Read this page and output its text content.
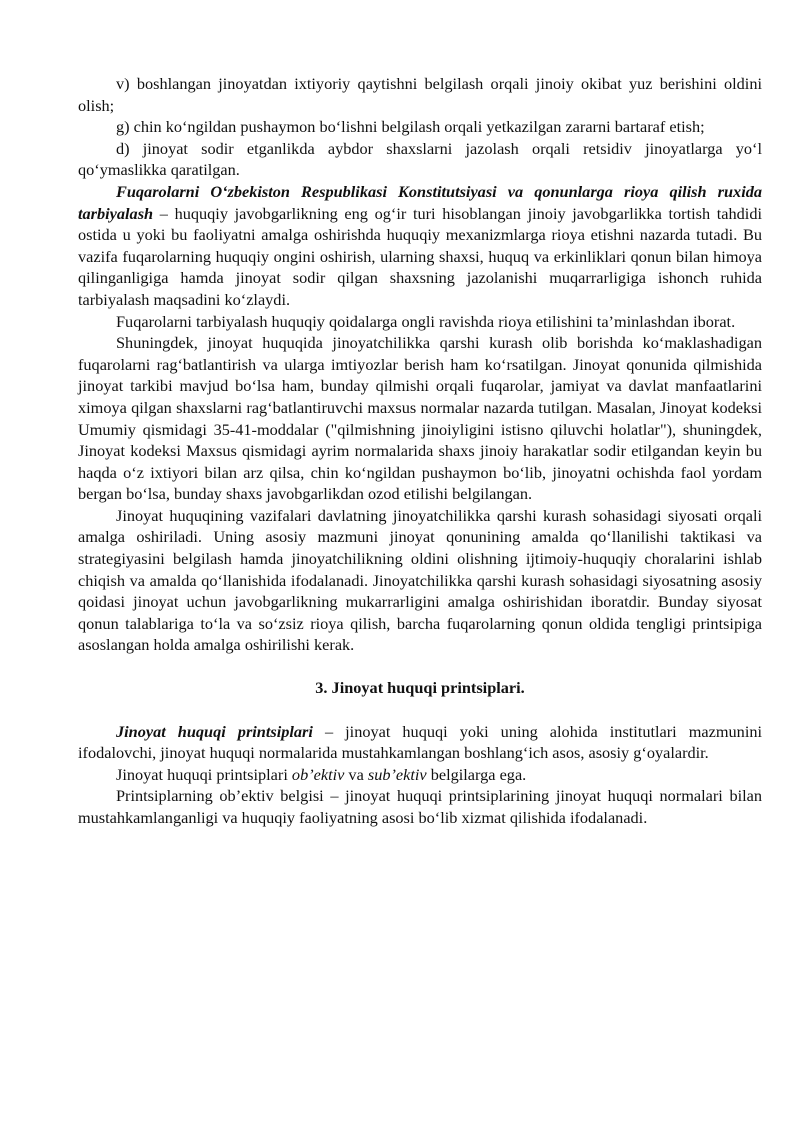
v) boshlangan jinoyatdan ixtiyoriy qaytishni belgilash orqali jinoiy okibat yuz berishini oldini olish;

g) chin ko‘ngildan pushaymon bo‘lishni belgilash orqali yetkazilgan zararni bartaraf etish;

d) jinoyat sodir etganlikda aybdor shaxslarni jazolash orqali retsidiv jinoyatlarga yo‘l qo‘ymaslikka qaratilgan.

Fuqarolarni O‘zbekiston Respublikasi Konstitutsiyasi va qonunlarga rioya qilish ruxida tarbiyalash – huquqiy javobgarlikning eng og‘ir turi hisoblangan jinoiy javobgarlikka tortish tahdidi ostida u yoki bu faoliyatni amalga oshirishda huquqiy mexanizmlarga rioya etishni nazarda tutadi. Bu vazifa fuqarolarning huquqiy ongini oshirish, ularning shaxsi, huquq va erkinliklari qonun bilan himoya qilinganligiga hamda jinoyat sodir qilgan shaxsning jazolanishi muqarrarligiga ishonch ruhida tarbiyalash maqsadini ko‘zlaydi.

Fuqarolarni tarbiyalash huquqiy qoidalarga ongli ravishda rioya etilishini ta’minlashdan iborat.

Shuningdek, jinoyat huquqida jinoyatchilikka qarshi kurash olib borishda ko‘maklashadigan fuqarolarni rag‘batlantirish va ularga imtiyozlar berish ham ko‘rsatilgan. Jinoyat qonunida qilmishida jinoyat tarkibi mavjud bo‘lsa ham, bunday qilmishi orqali fuqarolar, jamiyat va davlat manfaatlarini ximoya qilgan shaxslarni rag‘batlantiruvchi maxsus normalar nazarda tutilgan. Masalan, Jinoyat kodeksi Umumiy qismidagi 35-41-moddalar ("qilmishning jinoiyligini istisno qiluvchi holatlar"), shuningdek, Jinoyat kodeksi Maxsus qismidagi ayrim normalarida shaxs jinoiy harakatlar sodir etilgandan keyin bu haqda o‘z ixtiyori bilan arz qilsa, chin ko‘ngildan pushaymon bo‘lib, jinoyatni ochishda faol yordam bergan bo‘lsa, bunday shaxs javobgarlikdan ozod etilishi belgilangan.

Jinoyat huquqining vazifalari davlatning jinoyatchilikka qarshi kurash sohasidagi siyosati orqali amalga oshiriladi. Uning asosiy mazmuni jinoyat qonunining amalda qo‘llanilishi taktikasi va strategiyasini belgilash hamda jinoyatchilikning oldini olishning ijtimoiy-huquqiy choralarini ishlab chiqish va amalda qo‘llanishida ifodalanadi. Jinoyatchilikka qarshi kurash sohasidagi siyosatning asosiy qoidasi jinoyat uchun javobgarlikning mukarrarligini amalga oshirishidan iboratdir. Bunday siyosat qonun talablariga to‘la va so‘zsiz rioya qilish, barcha fuqarolarning qonun oldida tengligi printsipiga asoslangan holda amalga oshirilishi kerak.

3. Jinoyat huquqi printsiplari.

Jinoyat huquqi printsiplari – jinoyat huquqi yoki uning alohida institutlari mazmunini ifodalovchi, jinoyat huquqi normalarida mustahkamlangan boshlang‘ich asos, asosiy g‘oyalardir.

Jinoyat huquqi printsiplari ob’ektiv va sub’ektiv belgilarga ega.

Printsiplarning ob’ektiv belgisi – jinoyat huquqi printsiplarining jinoyat huquqi normalari bilan mustahkamlanganligi va huquqiy faoliyatning asosi bo‘lib xizmat qilishida ifodalanadi.
